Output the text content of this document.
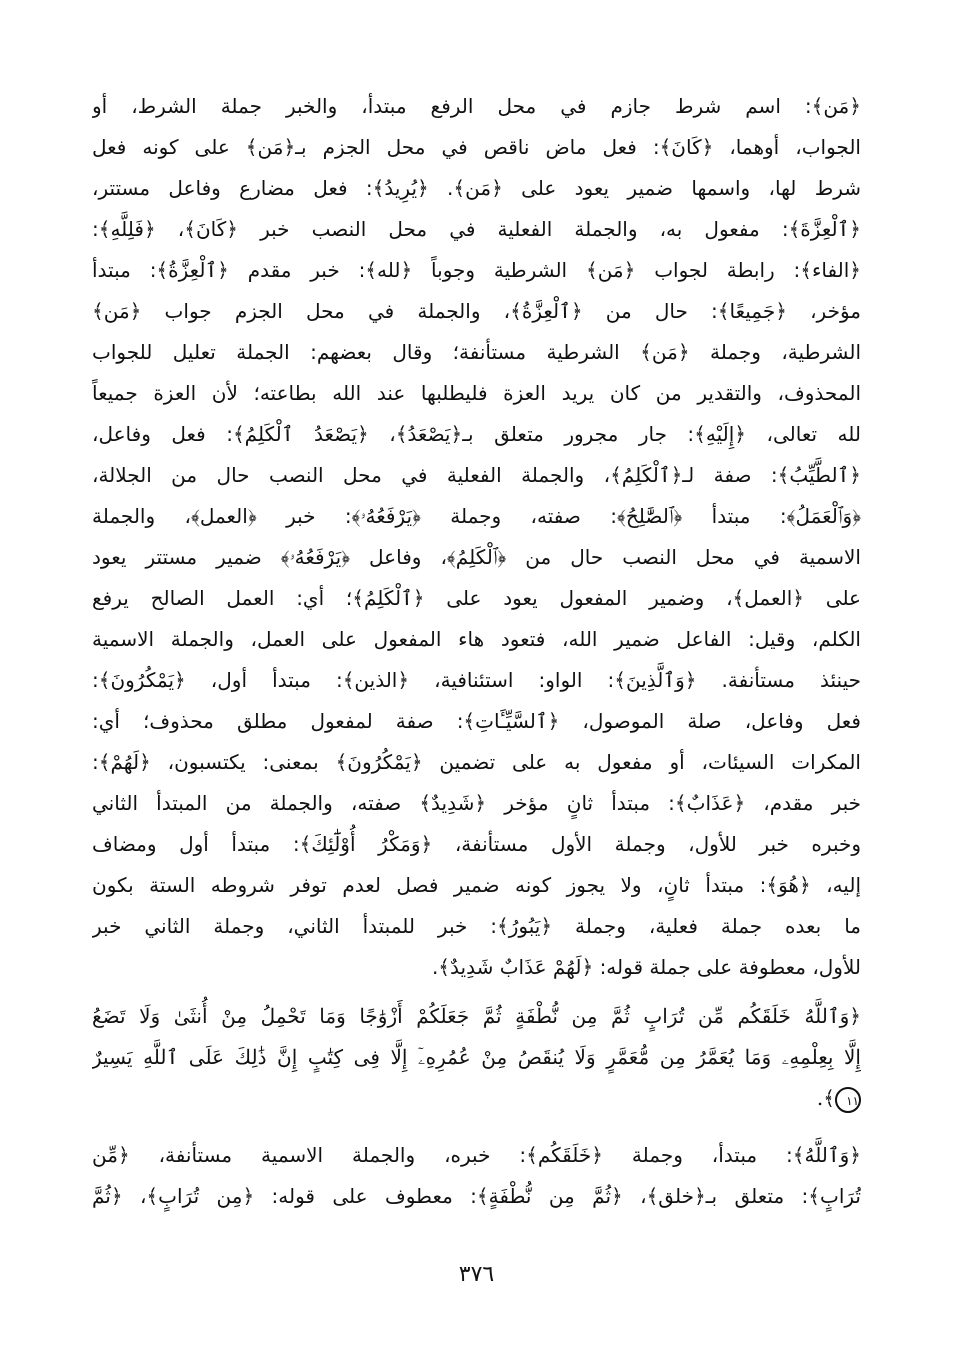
﴿مَن﴾: اسم شرط جازم في محل الرفع مبتدأ، والخبر جملة الشرط، أو
الجواب، أوهما، ﴿كَانَ﴾: فعل ماض ناقص في محل الجزم بـ﴿مَن﴾ على كونه فعل
شرط لها، واسمها ضمير يعود على ﴿مَن﴾. ﴿يُرِيدُ﴾: فعل مضارع وفاعل مستتر،
﴿ٱلْعِزَّةَ﴾: مفعول به، والجملة الفعلية في محل النصب خبر ﴿كَانَ﴾، ﴿فَلِلَّهِ﴾:
﴿الفاء﴾: رابطة لجواب ﴿مَن﴾ الشرطية وجوباً ﴿لله﴾: خبر مقدم ﴿ٱلْعِزَّةُ﴾: مبتدأ
مؤخر، ﴿جَمِيعًا﴾: حال من ﴿ٱلْعِزَّةُ﴾، والجملة في محل الجزم جواب ﴿مَن﴾
الشرطية، وجملة ﴿مَن﴾ الشرطية مستأنفة؛ وقال بعضهم: الجملة تعليل للجواب
المحذوف، والتقدير من كان يريد العزة فليطلبها عند الله بطاعته؛ لأن العزة جميعاً
لله تعالى، ﴿إِلَيْهِ﴾: جار مجرور متعلق بـ﴿يَصْعَدُ﴾، ﴿يَصْعَدُ ٱلْكَلِمُ﴾: فعل وفاعل،
﴿ٱلطَّيِّبُ﴾: صفة لـ﴿ٱلْكَلِمُ﴾، والجملة الفعلية في محل النصب حال من الجلالة،
﴿وَٱلْعَمَلُ﴾: مبتدأ ﴿ٱلصَّٰلِحُ﴾: صفته، وجملة ﴿يَرْفَعُهُۥ﴾: خبر ﴿العمل﴾، والجملة
الاسمية في محل النصب حال من ﴿ٱلْكَلِمُ﴾، وفاعل ﴿يَرْفَعُهُۥ﴾ ضمير مستتر يعود
على ﴿العمل﴾، وضمير المفعول يعود على ﴿ٱلْكَلِمُ﴾؛ أي: العمل الصالح يرفع
الكلم، وقيل: الفاعل ضمير الله، فتعود هاء المفعول على العمل، والجملة الاسمية
حينئذ مستأنفة. ﴿وَٱلَّذِينَ﴾: الواو: استئنافية، ﴿الذين﴾: مبتدأ أول، ﴿يَمْكُرُونَ﴾:
فعل وفاعل، صلة الموصول، ﴿ٱلسَّيِّـَٔاتِ﴾: صفة لمفعول مطلق محذوف؛ أي:
المكرات السيئات، أو مفعول به على تضمين ﴿يَمْكُرُونَ﴾ بمعنى: يكتسبون، ﴿لَهُمْ﴾:
خبر مقدم، ﴿عَذَابٌ﴾: مبتدأ ثانٍ مؤخر ﴿شَدِيدٌ﴾ صفته، والجملة من المبتدأ الثاني
وخبره خبر للأول، وجملة الأول مستأنفة، ﴿وَمَكْرُ أُوْلَٰٓئِكَ﴾: مبتدأ أول ومضاف
إليه، ﴿هُوَ﴾: مبتدأ ثانٍ، ولا يجوز كونه ضمير فصل لعدم توفر شروطه الستة بكون
ما بعده جملة فعلية، وجملة ﴿يَبُورُ﴾: خبر للمبتدأ الثاني، وجملة الثاني خبر
للأول، معطوفة على جملة قوله: ﴿لَهُمْ عَذَابٌ شَدِيدٌ﴾.
﴿وَٱللَّهُ خَلَقَكُم مِّن تُرَابٍ ثُمَّ مِن نُّطْفَةٍ ثُمَّ جَعَلَكُمْ أَزْوَٰجًا وَمَا تَحْمِلُ مِنْ أُنثَىٰ وَلَا تَضَعُ
إِلَّا بِعِلْمِهِۦ وَمَا يُعَمَّرُ مِن مُّعَمَّرٍ وَلَا يُنقَصُ مِنْ عُمُرِهِۦٓ إِلَّا فِى كِتَٰبٍ إِنَّ ذَٰلِكَ عَلَى ٱللَّهِ يَسِيرٌ
١١﴾.
﴿وَٱللَّهُ﴾: مبتدأ، وجملة ﴿خَلَقَكُم﴾: خبره، والجملة الاسمية مستأنفة، ﴿مِّن
تُرَابٍ﴾: متعلق بـ﴿خلق﴾، ﴿ثُمَّ مِن نُّطْفَةٍ﴾: معطوف على قوله: ﴿مِن تُرَابٍ﴾، ﴿ثُمَّ
٣٧٦
